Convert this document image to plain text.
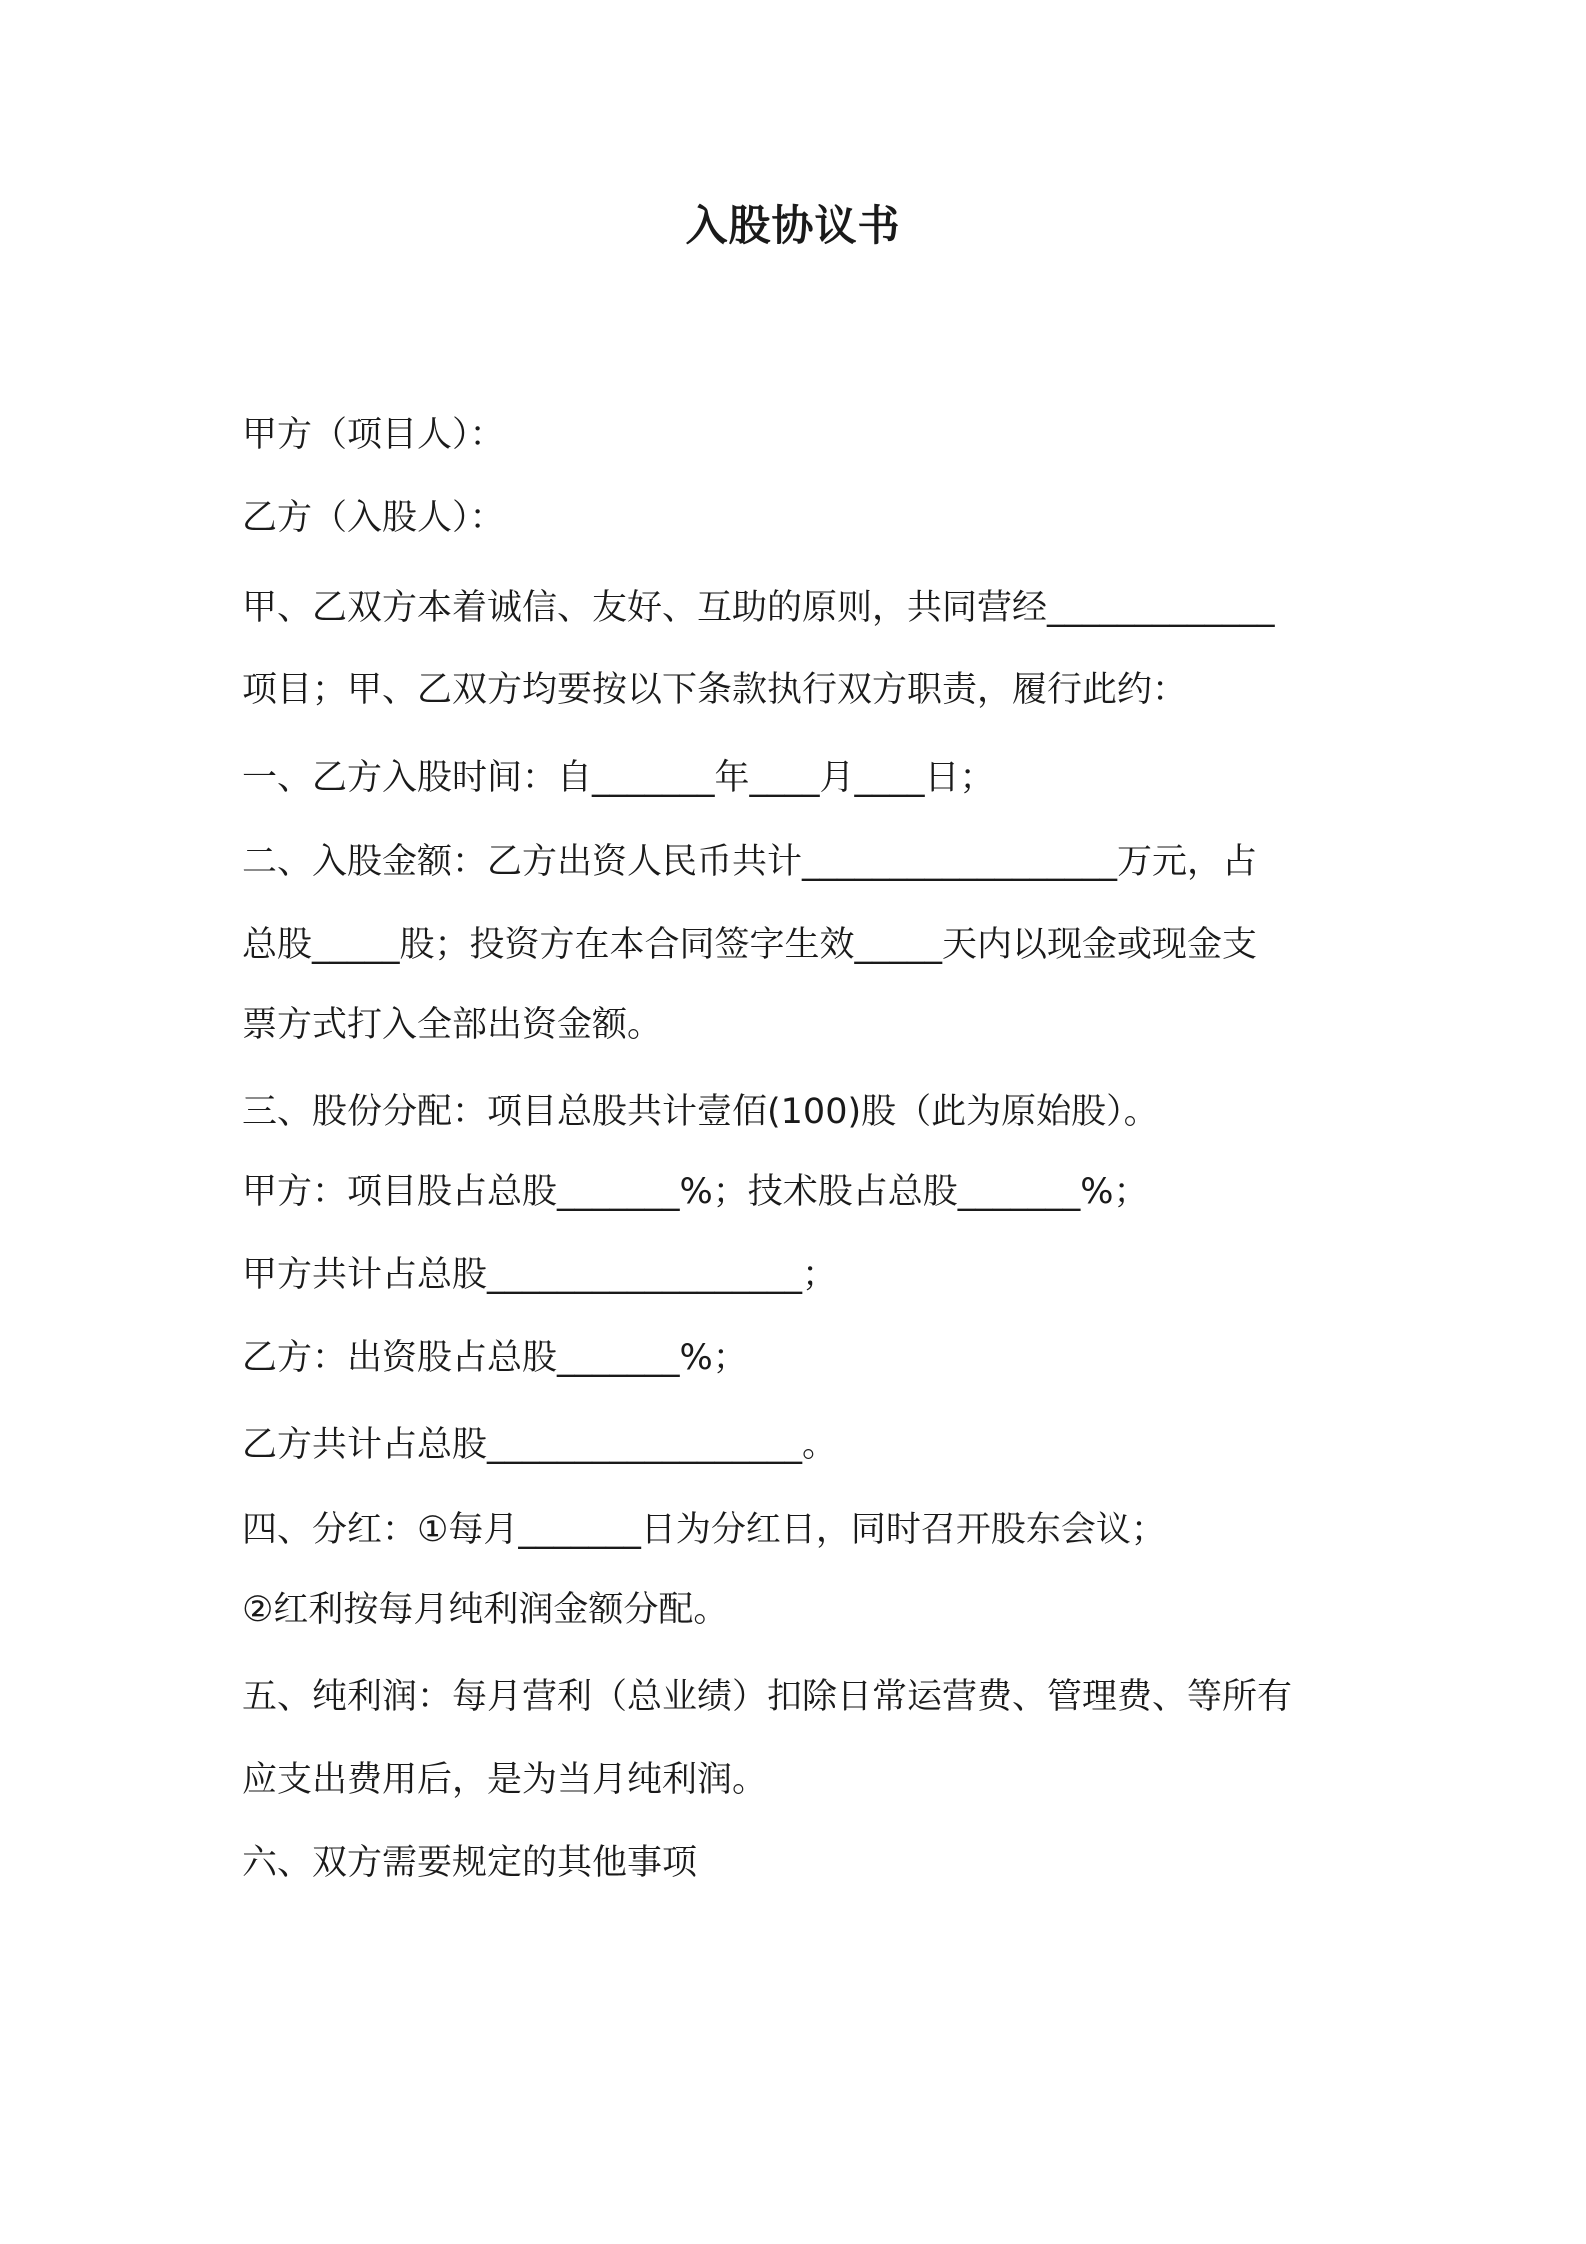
入股协议书
甲方（项目人）：
乙方（入股人）：
甲、乙双方本着诚信、友好、互助的原则，共同营经_____________
项目；甲、乙双方均要按以下条款执行双方职责，履行此约：
一、乙方入股时间：自_______年____月____日；
二、入股金额：乙方出资人民币共计__________________万元，占
总股_____股；投资方在本合同签字生效_____天内以现金或现金支
票方式打入全部出资金额。
三、股份分配：项目总股共计壹佰(100)股（此为原始股）。
甲方：项目股占总股_______%；技术股占总股_______%；
甲方共计占总股__________________；
乙方：出资股占总股_______%；
乙方共计占总股__________________。
四、分红：①每月_______日为分红日，同时召开股东会议；
②红利按每月纯利润金额分配。
五、纯利润：每月营利（总业绩）扣除日常运营费、管理费、等所有
应支出费用后，是为当月纯利润。
六、双方需要规定的其他事项
